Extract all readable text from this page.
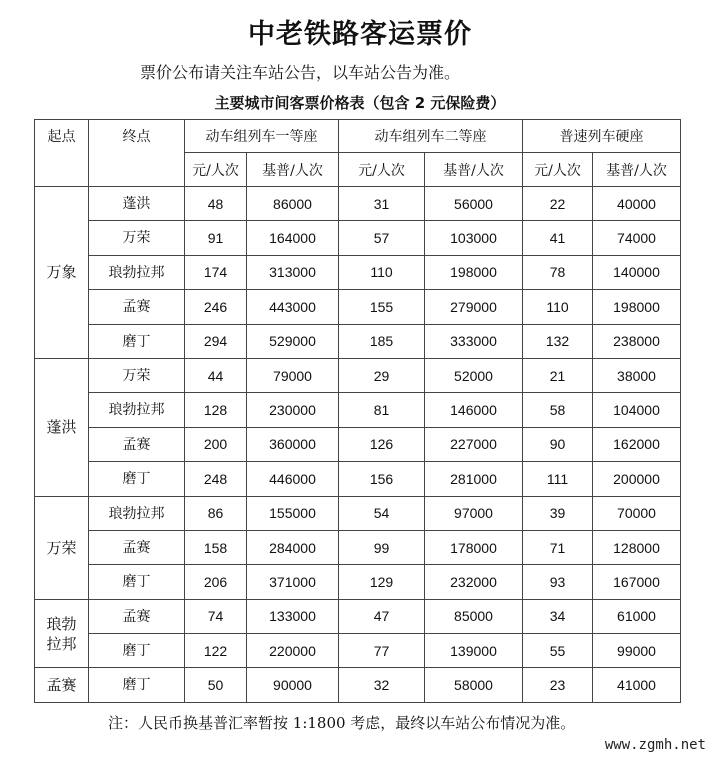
中老铁路客运票价
票价公布请关注车站公告，以车站公告为准。
主要城市间客票价格表（包含 2 元保险费）
起点	终点	动车组列车一等座		动车组列车二等座		普速列车硬座	
		元/人次	基普/人次	元/人次	基普/人次	元/人次	基普/人次
万象	蓬洪	48	86000	31	56000	22	40000
	万荣	91	164000	57	103000	41	74000
	琅勃拉邦	174	313000	110	198000	78	140000
	孟赛	246	443000	155	279000	110	198000
	磨丁	294	529000	185	333000	132	238000
蓬洪	万荣	44	79000	29	52000	21	38000
	琅勃拉邦	128	230000	81	146000	58	104000
	孟赛	200	360000	126	227000	90	162000
	磨丁	248	446000	156	281000	111	200000
万荣	琅勃拉邦	86	155000	54	97000	39	70000
	孟赛	158	284000	99	178000	71	128000
	磨丁	206	371000	129	232000	93	167000
琅勃拉邦	孟赛	74	133000	47	85000	34	61000
	磨丁	122	220000	77	139000	55	99000
孟赛	磨丁	50	90000	32	58000	23	41000
注：人民币换基普汇率暂按 1:1800 考虑，最终以车站公布情况为准。
www.zgmh.net
